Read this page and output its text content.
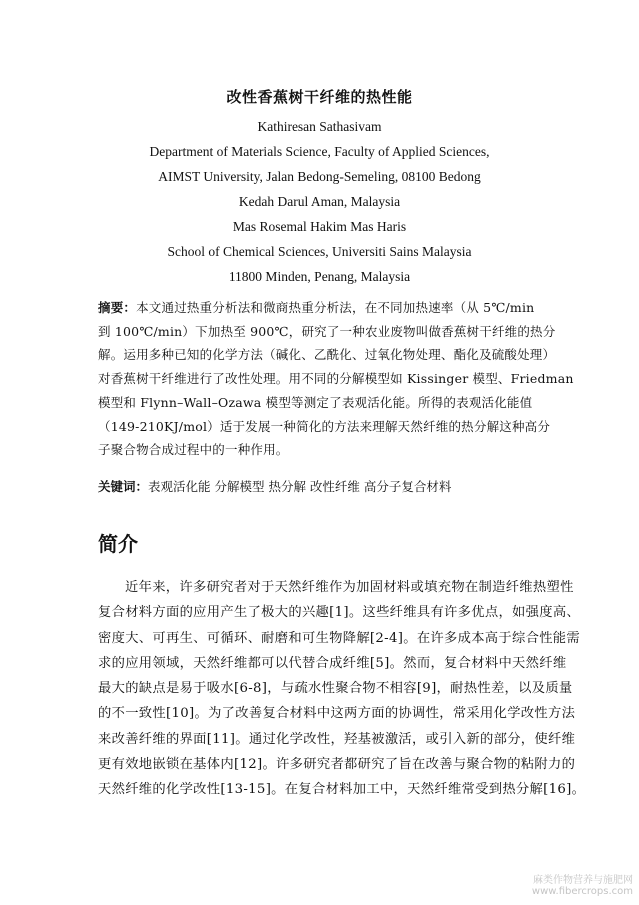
改性香蕉树干纤维的热性能
Kathiresan Sathasivam
Department of Materials Science, Faculty of Applied Sciences,
AIMST University, Jalan Bedong-Semeling, 08100 Bedong
Kedah Darul Aman, Malaysia
Mas Rosemal Hakim Mas Haris
School of Chemical Sciences, Universiti Sains Malaysia
11800 Minden, Penang, Malaysia
摘要：本文通过热重分析法和微商热重分析法，在不同加热速率（从 5℃/min
到 100℃/min）下加热至 900℃，研究了一种农业废物叫做香蕉树干纤维的热分
解。运用多种已知的化学方法（碱化、乙酰化、过氧化物处理、酯化及硫酸处理）
对香蕉树干纤维进行了改性处理。用不同的分解模型如 Kissinger 模型、Friedman
模型和 Flynn–Wall–Ozawa 模型等测定了表观活化能。所得的表观活化能值
（149-210KJ/mol）适于发展一种简化的方法来理解天然纤维的热分解这种高分
子聚合物合成过程中的一种作用。
关键词：表观活化能 分解模型 热分解 改性纤维 高分子复合材料
简介
近年来，许多研究者对于天然纤维作为加固材料或填充物在制造纤维热塑性
复合材料方面的应用产生了极大的兴趣[1]。这些纤维具有许多优点，如强度高、
密度大、可再生、可循环、耐磨和可生物降解[2-4]。在许多成本高于综合性能需
求的应用领域，天然纤维都可以代替合成纤维[5]。然而，复合材料中天然纤维
最大的缺点是易于吸水[6-8]，与疏水性聚合物不相容[9]，耐热性差，以及质量
的不一致性[10]。为了改善复合材料中这两方面的协调性，常采用化学改性方法
来改善纤维的界面[11]。通过化学改性，羟基被激活，或引入新的部分，使纤维
更有效地嵌锁在基体内[12]。许多研究者都研究了旨在改善与聚合物的粘附力的
天然纤维的化学改性[13-15]。在复合材料加工中，天然纤维常受到热分解[16]。
麻类作物营养与施肥网
www.fibercrops.com
